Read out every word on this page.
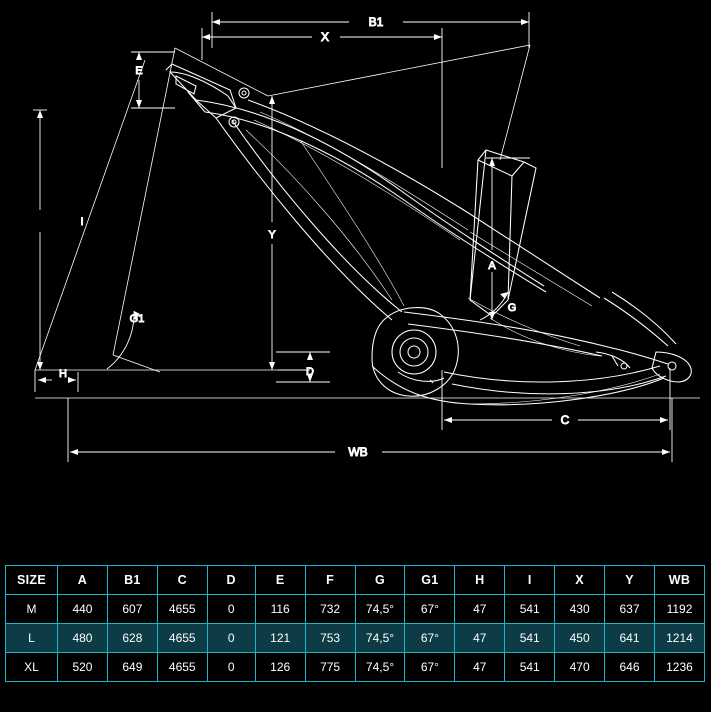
B1
X
E
I
G1
H
Y
D
A
G
C
WB
SIZE	A	B1	C	D	E	F	G	G1	H	I	X	Y	WB
M	440	607	4655	0	116	732	74,5°	67°	47	541	430	637	1192
L	480	628	4655	0	121	753	74,5°	67°	47	541	450	641	1214
XL	520	649	4655	0	126	775	74,5°	67°	47	541	470	646	1236
